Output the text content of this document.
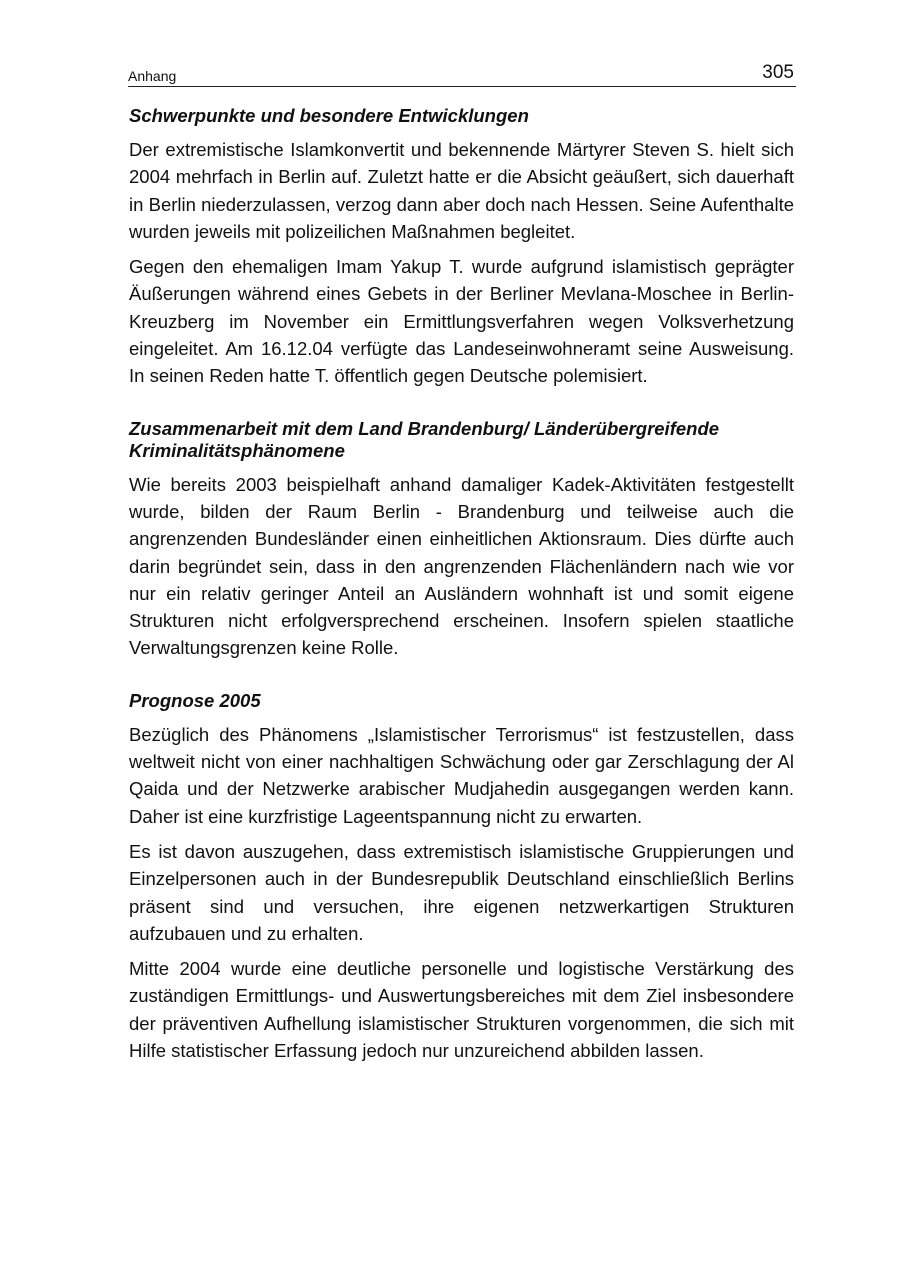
Anhang	305
Schwerpunkte und besondere Entwicklungen

Der extremistische Islamkonvertit und bekennende Märtyrer Steven S. hielt sich 2004 mehrfach in Berlin auf. Zuletzt hatte er die Absicht geäußert, sich dauerhaft in Berlin niederzulassen, verzog dann aber doch nach Hessen. Seine Aufenthalte wurden jeweils mit polizeilichen Maßnahmen begleitet.

Gegen den ehemaligen Imam Yakup T. wurde aufgrund islamistisch geprägter Äußerungen während eines Gebets in der Berliner Mevlana-Moschee in Berlin-Kreuzberg im November ein Ermittlungsverfahren wegen Volksverhetzung eingeleitet. Am 16.12.04 verfügte das Landeseinwohneramt seine Ausweisung. In seinen Reden hatte T. öffentlich gegen Deutsche polemisiert.

Zusammenarbeit mit dem Land Brandenburg/ Länderübergreifende Kriminalitätsphänomene

Wie bereits 2003 beispielhaft anhand damaliger Kadek-Aktivitäten festgestellt wurde, bilden der Raum Berlin - Brandenburg und teilweise auch die angrenzenden Bundesländer einen einheitlichen Aktionsraum. Dies dürfte auch darin begründet sein, dass in den angrenzenden Flächenländern nach wie vor nur ein relativ geringer Anteil an Ausländern wohnhaft ist und somit eigene Strukturen nicht erfolgversprechend erscheinen. Insofern spielen staatliche Verwaltungsgrenzen keine Rolle.

Prognose 2005

Bezüglich des Phänomens „Islamistischer Terrorismus“ ist festzustellen, dass weltweit nicht von einer nachhaltigen Schwächung oder gar Zerschlagung der Al Qaida und der Netzwerke arabischer Mudjahedin ausgegangen werden kann. Daher ist eine kurzfristige Lageentspannung nicht zu erwarten.

Es ist davon auszugehen, dass extremistisch islamistische Gruppierungen und Einzelpersonen auch in der Bundesrepublik Deutschland einschließlich Berlins präsent sind und versuchen, ihre eigenen netzwerkartigen Strukturen aufzubauen und zu erhalten.

Mitte 2004 wurde eine deutliche personelle und logistische Verstärkung des zuständigen Ermittlungs- und Auswertungsbereiches mit dem Ziel insbesondere der präventiven Aufhellung islamistischer Strukturen vorgenommen, die sich mit Hilfe statistischer Erfassung jedoch nur unzureichend abbilden lassen.
